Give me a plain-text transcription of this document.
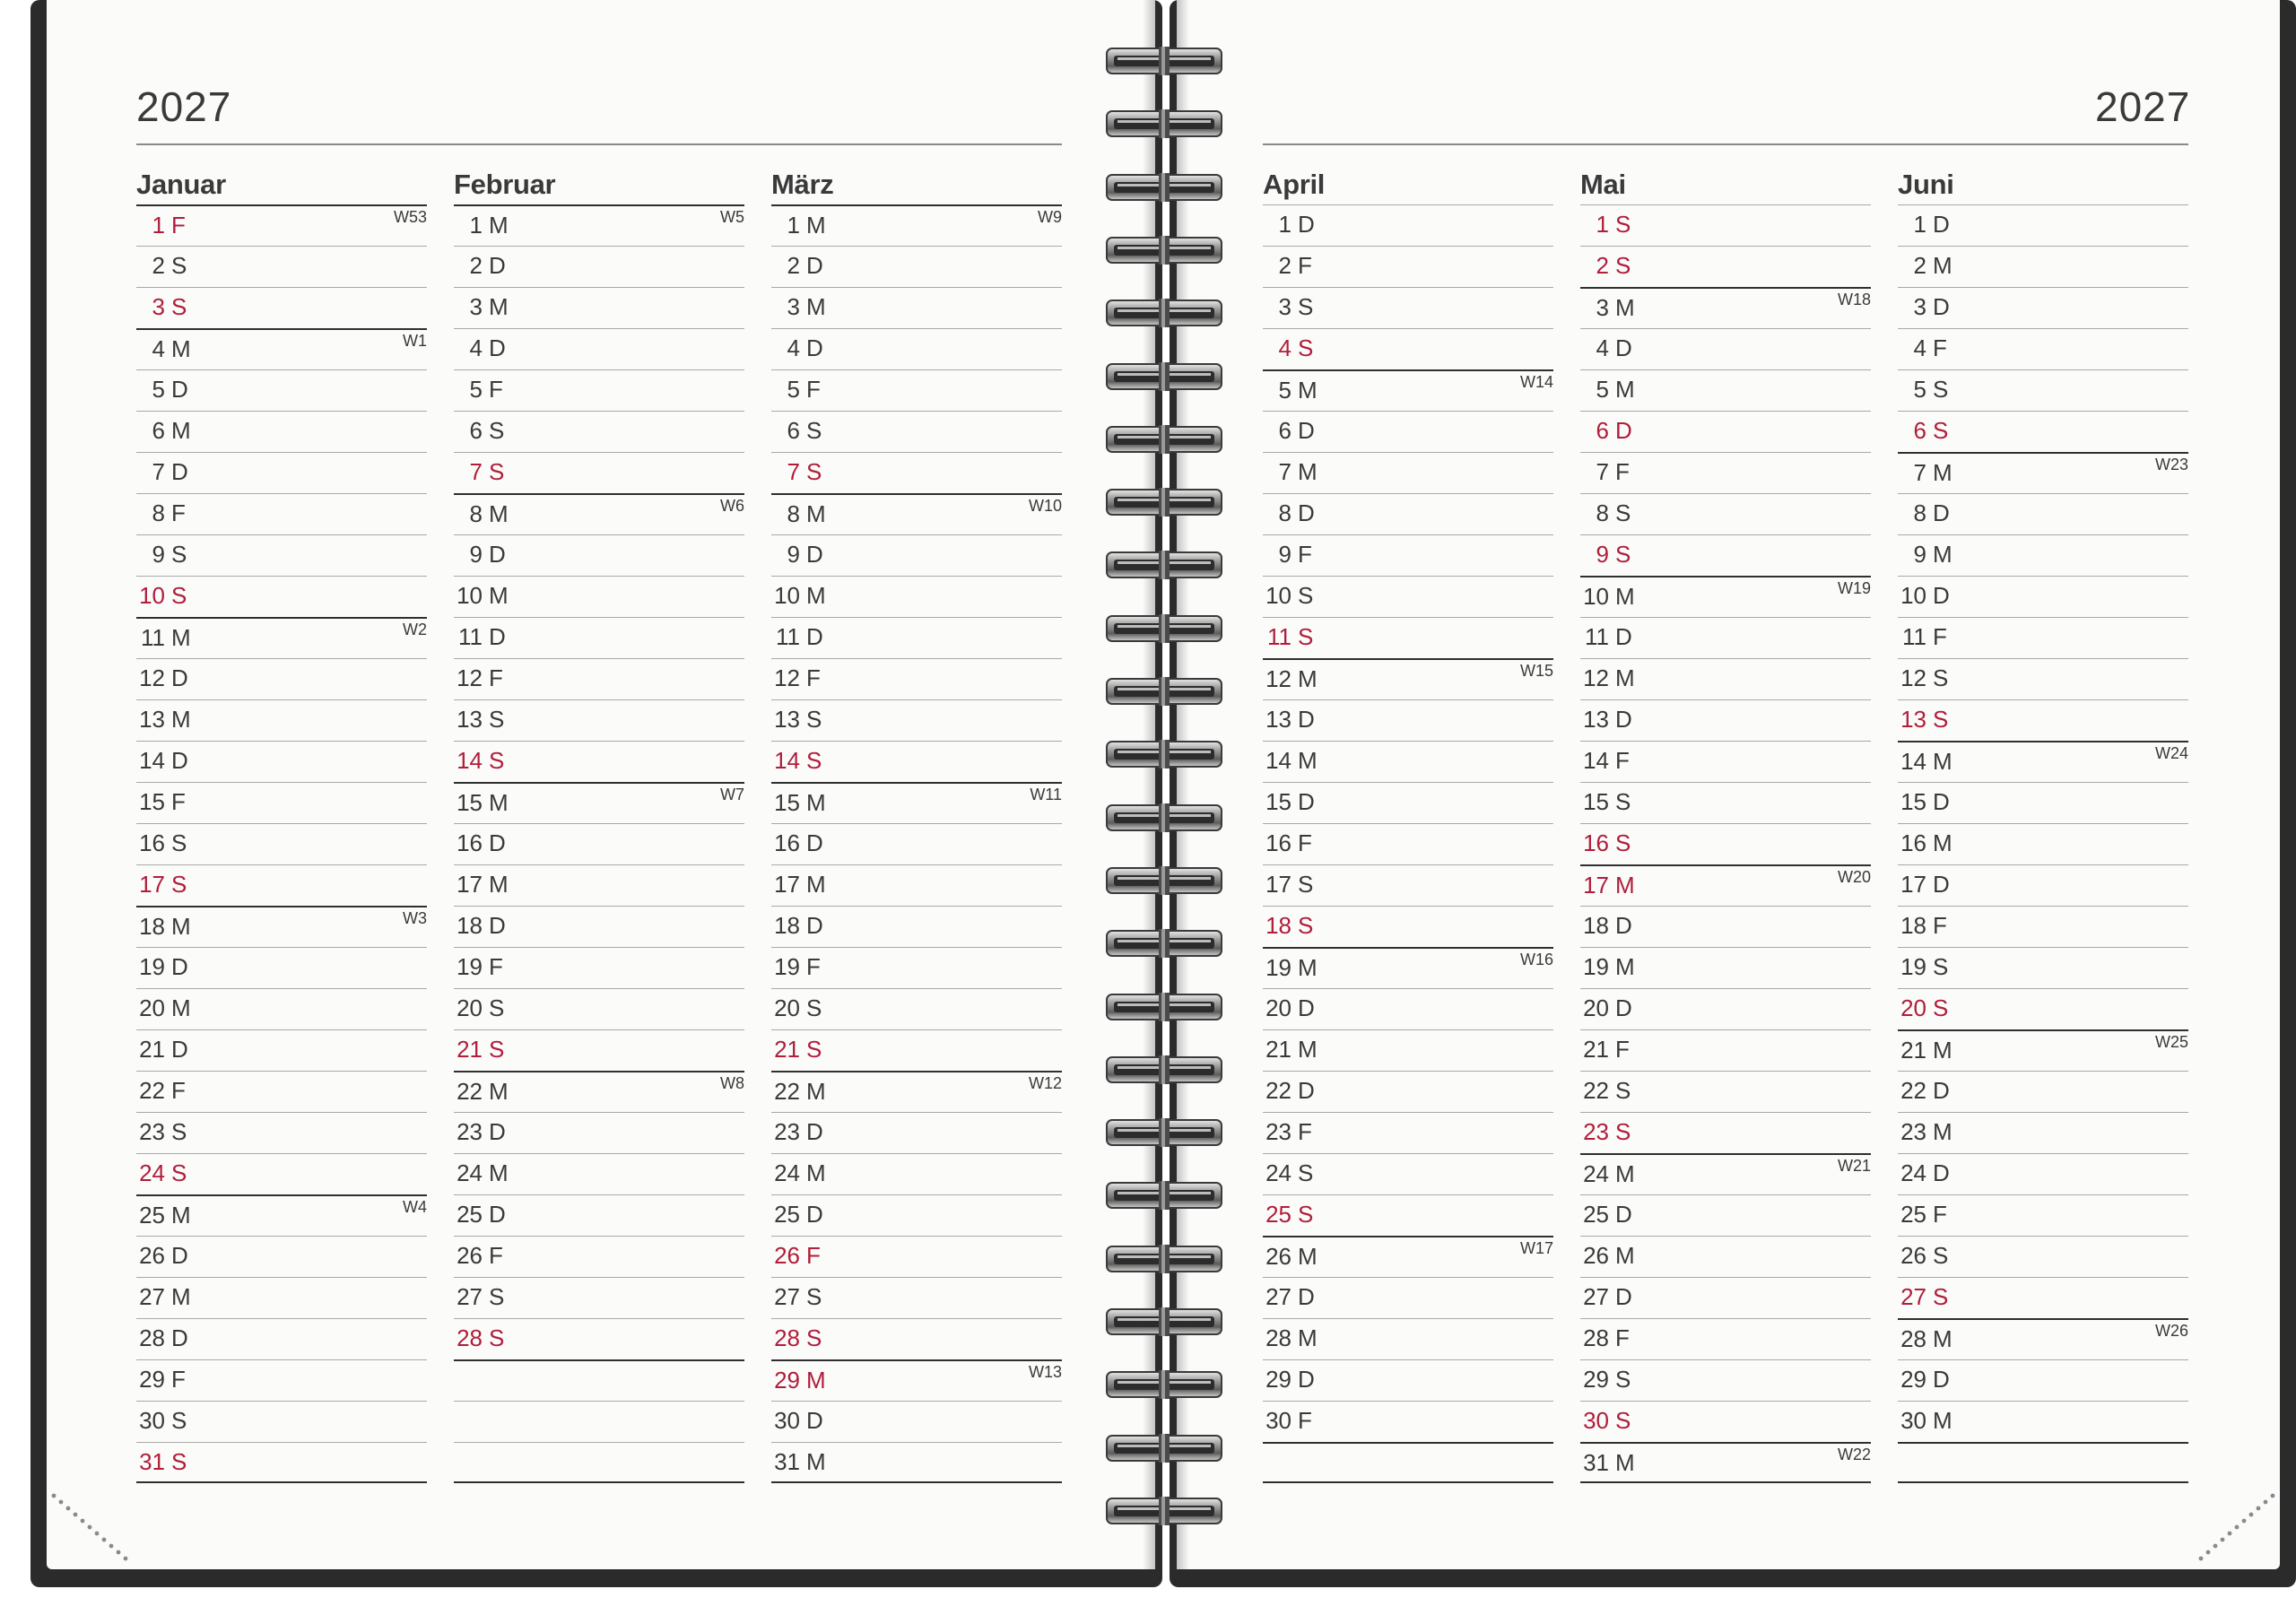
2027	2027
Januar
1 F	W53
2 S
3 S
4 M	W1
5 D
6 M
7 D
8 F
9 S
10 S
11 M	W2
12 D
13 M
14 D
15 F
16 S
17 S
18 M	W3
19 D
20 M
21 D
22 F
23 S
24 S
25 M	W4
26 D
27 M
28 D
29 F
30 S
31 S
Februar
1 M	W5
2 D
3 M
4 D
5 F
6 S
7 S
8 M	W6
9 D
10 M
11 D
12 F
13 S
14 S
15 M	W7
16 D
17 M
18 D
19 F
20 S
21 S
22 M	W8
23 D
24 M
25 D
26 F
27 S
28 S
März
1 M	W9
2 D
3 M
4 D
5 F
6 S
7 S
8 M	W10
9 D
10 M
11 D
12 F
13 S
14 S
15 M	W11
16 D
17 M
18 D
19 F
20 S
21 S
22 M	W12
23 D
24 M
25 D
26 F
27 S
28 S
29 M	W13
30 D
31 M
April
1 D
2 F
3 S
4 S
5 M	W14
6 D
7 M
8 D
9 F
10 S
11 S
12 M	W15
13 D
14 M
15 D
16 F
17 S
18 S
19 M	W16
20 D
21 M
22 D
23 F
24 S
25 S
26 M	W17
27 D
28 M
29 D
30 F
Mai
1 S
2 S
3 M	W18
4 D
5 M
6 D
7 F
8 S
9 S
10 M	W19
11 D
12 M
13 D
14 F
15 S
16 S
17 M	W20
18 D
19 M
20 D
21 F
22 S
23 S
24 M	W21
25 D
26 M
27 D
28 F
29 S
30 S
31 M	W22
Juni
1 D
2 M
3 D
4 F
5 S
6 S
7 M	W23
8 D
9 M
10 D
11 F
12 S
13 S
14 M	W24
15 D
16 M
17 D
18 F
19 S
20 S
21 M	W25
22 D
23 M
24 D
25 F
26 S
27 S
28 M	W26
29 D
30 M
